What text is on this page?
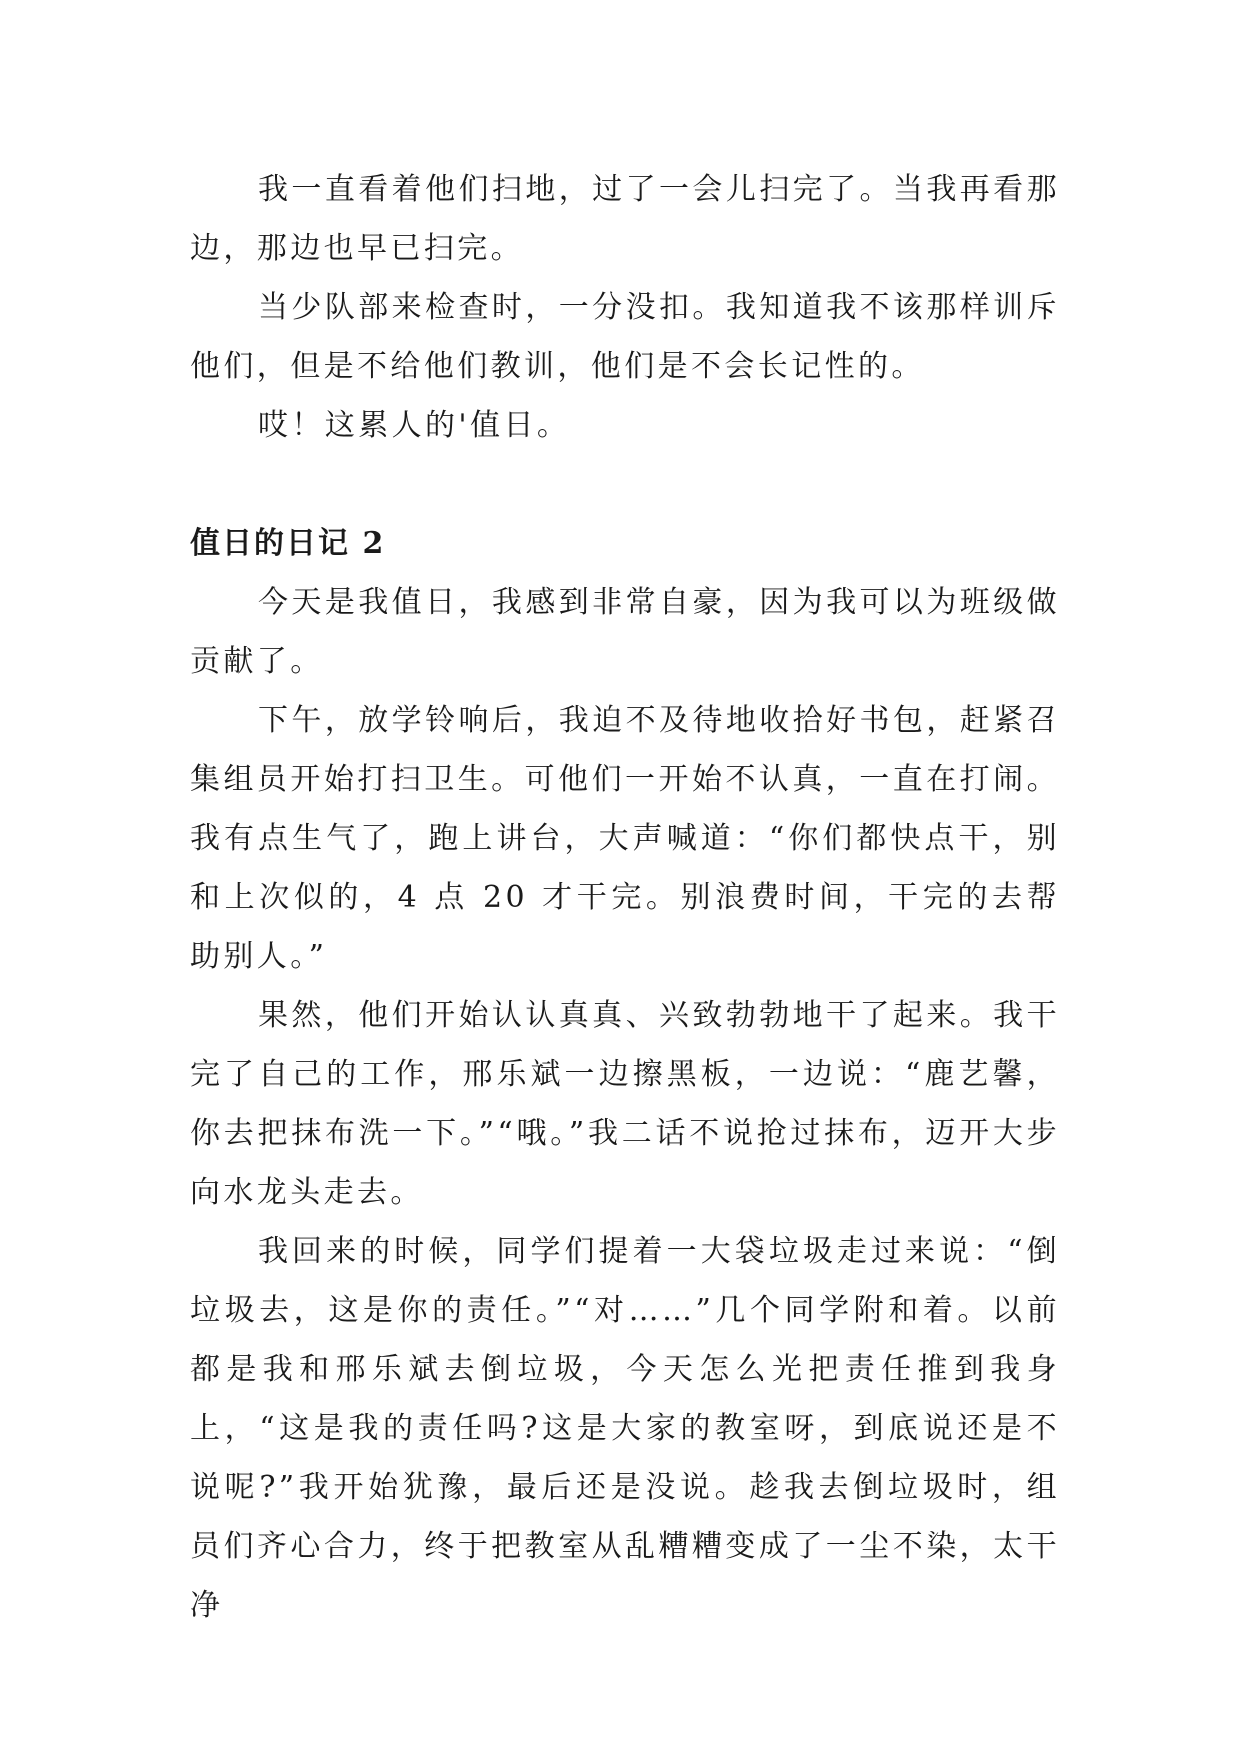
我一直看着他们扫地，过了一会儿扫完了。当我再看那边，那边也早已扫完。

当少队部来检查时，一分没扣。我知道我不该那样训斥他们，但是不给他们教训，他们是不会长记性的。

哎！这累人的'值日。

值日的日记 2

今天是我值日，我感到非常自豪，因为我可以为班级做贡献了。

下午，放学铃响后，我迫不及待地收拾好书包，赶紧召集组员开始打扫卫生。可他们一开始不认真，一直在打闹。我有点生气了，跑上讲台，大声喊道：“你们都快点干，别和上次似的，4 点 20 才干完。别浪费时间，干完的去帮助别人。”

果然，他们开始认认真真、兴致勃勃地干了起来。我干完了自己的工作，邢乐斌一边擦黑板，一边说：“鹿艺馨，你去把抹布洗一下。”“哦。”我二话不说抢过抹布，迈开大步向水龙头走去。

我回来的时候，同学们提着一大袋垃圾走过来说：“倒垃圾去，这是你的责任。”“对……”几个同学附和着。以前都是我和邢乐斌去倒垃圾，今天怎么光把责任推到我身上，“这是我的责任吗?这是大家的教室呀，到底说还是不说呢?”我开始犹豫，最后还是没说。趁我去倒垃圾时，组员们齐心合力，终于把教室从乱糟糟变成了一尘不染，太干净
